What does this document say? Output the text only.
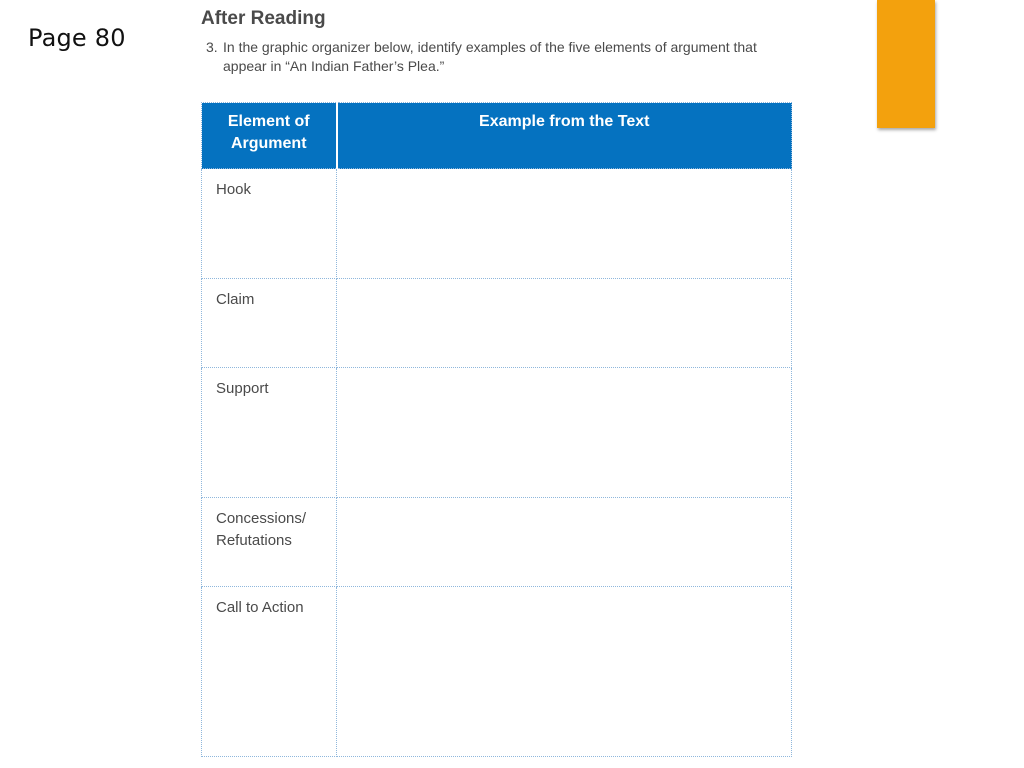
Page 80
After Reading
3. In the graphic organizer below, identify examples of the five elements of argument that appear in “An Indian Father’s Plea.”
Element of Argument	Example from the Text

Hook	

Claim	

Support	

Concessions/ Refutations	

Call to Action	
